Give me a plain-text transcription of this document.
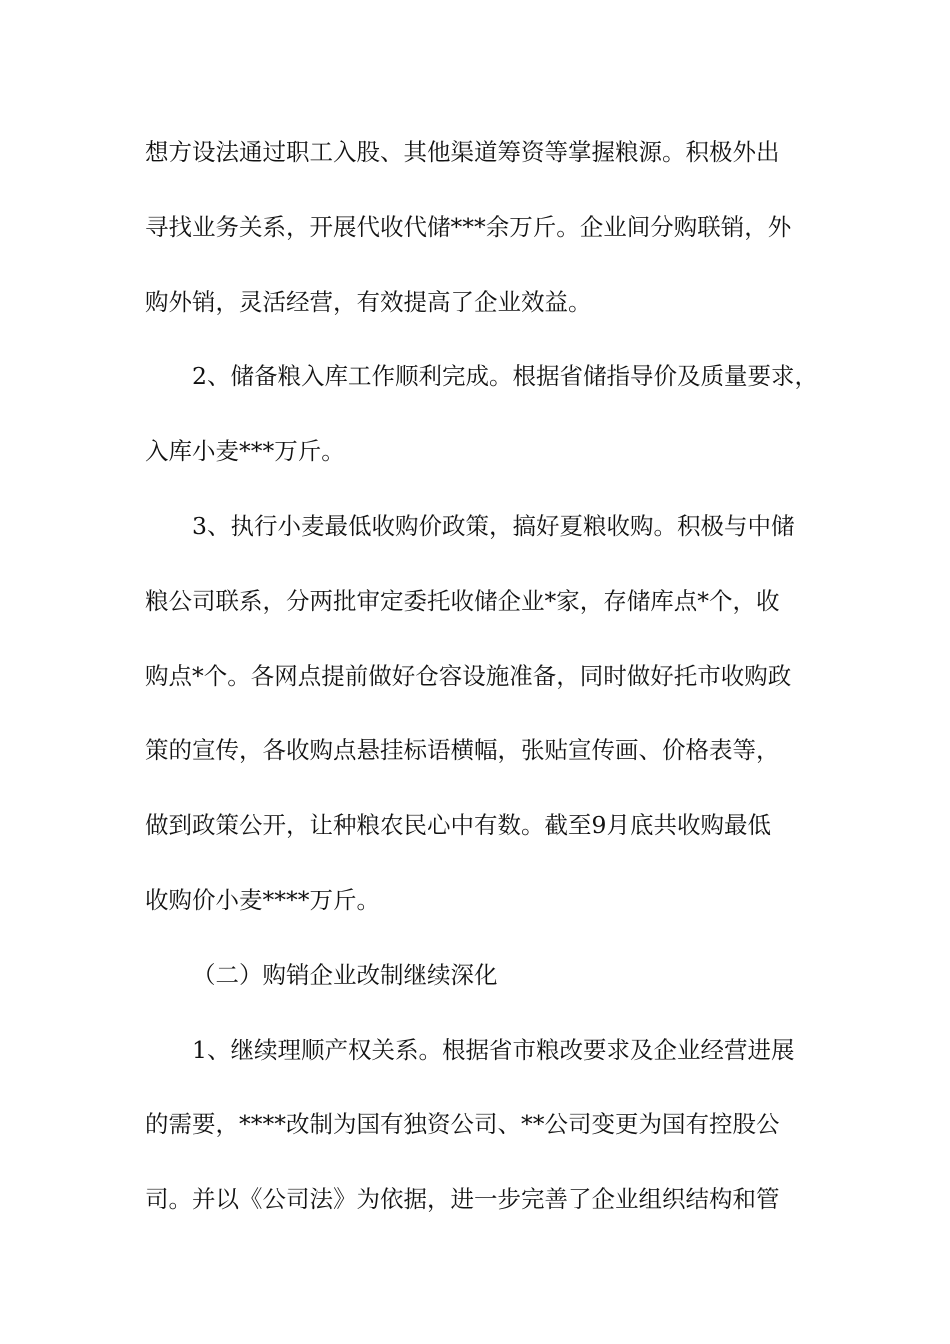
想方设法通过职工入股、其他渠道筹资等掌握粮源。积极外出
寻找业务关系，开展代收代储***余万斤。企业间分购联销，外
购外销，灵活经营，有效提高了企业效益。
2、储备粮入库工作顺利完成。根据省储指导价及质量要求，
入库小麦***万斤。
3、执行小麦最低收购价政策，搞好夏粮收购。积极与中储
粮公司联系，分两批审定委托收储企业*家，存储库点*个，收
购点*个。各网点提前做好仓容设施准备，同时做好托市收购政
策的宣传，各收购点悬挂标语横幅，张贴宣传画、价格表等，
做到政策公开，让种粮农民心中有数。截至9月底共收购最低
收购价小麦****万斤。
（二）购销企业改制继续深化
1、继续理顺产权关系。根据省市粮改要求及企业经营进展
的需要，****改制为国有独资公司、**公司变更为国有控股公
司。并以《公司法》为依据，进一步完善了企业组织结构和管
